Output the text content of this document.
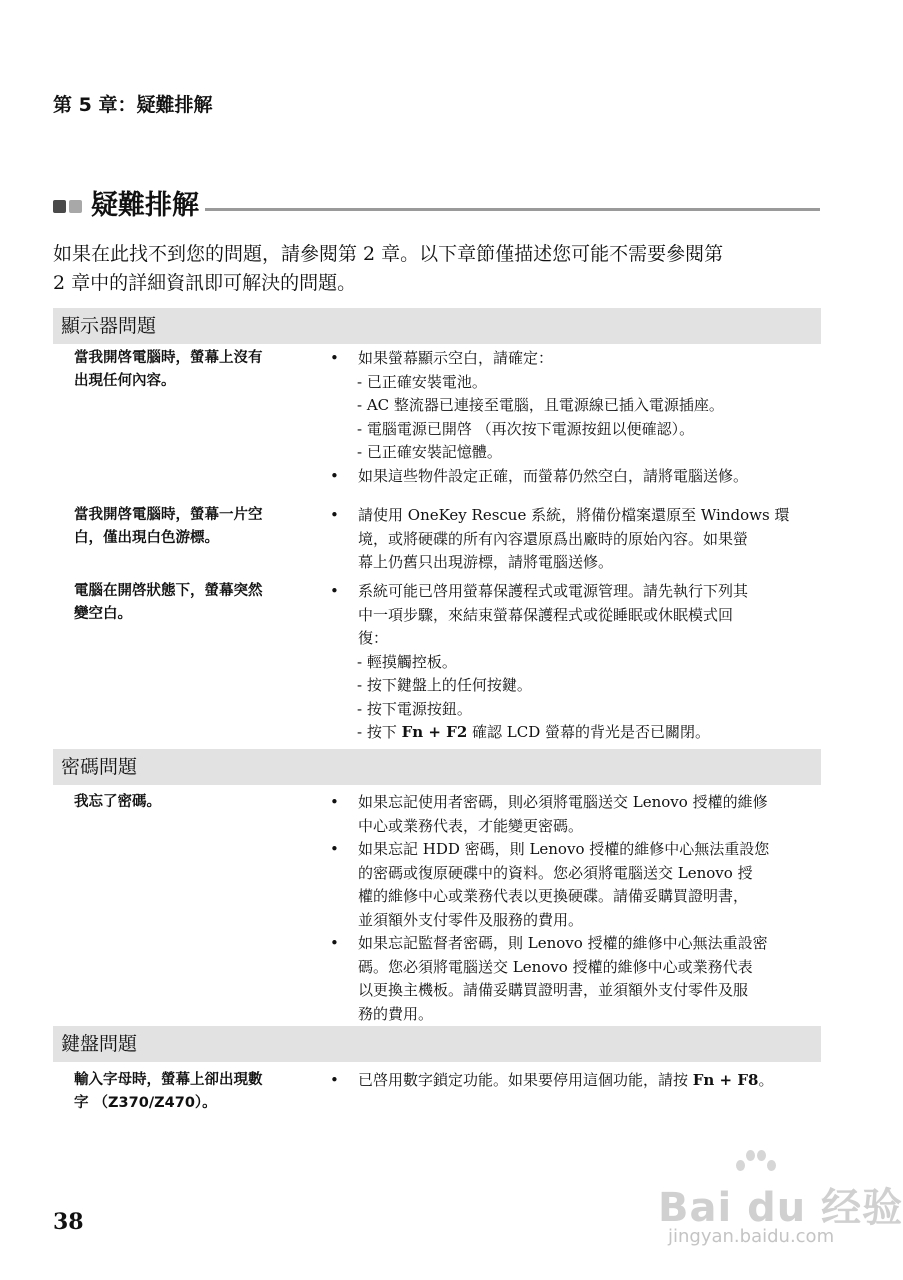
第 5 章：疑難排解
疑難排解

如果在此找不到您的問題，請參閱第 2 章。以下章節僅描述您可能不需要參閱第

2 章中的詳細資訊即可解決的問題。

顯示器問題
當我開啓電腦時，螢幕上沒有
出現任何內容。
• 如果螢幕顯示空白，請確定：
- 已正確安裝電池。
- AC 整流器已連接至電腦，且電源線已插入電源插座。
- 電腦電源已開啓 （再次按下電源按鈕以便確認）。
- 已正確安裝記憶體。
• 如果這些物件設定正確，而螢幕仍然空白，請將電腦送修。
當我開啓電腦時，螢幕一片空
白，僅出現白色游標。
• 請使用 OneKey Rescue 系統，將備份檔案還原至 Windows 環
境，或將硬碟的所有內容還原爲出廠時的原始內容。如果螢
幕上仍舊只出現游標，請將電腦送修。
電腦在開啓狀態下，螢幕突然
變空白。
• 系統可能已啓用螢幕保護程式或電源管理。請先執行下列其
中一項步驟，來結束螢幕保護程式或從睡眠或休眠模式回
復：
- 輕摸觸控板。
- 按下鍵盤上的任何按鍵。
- 按下電源按鈕。
- 按下 Fn + F2 確認 LCD 螢幕的背光是否已關閉。
密碼問題
我忘了密碼。	• 如果忘記使用者密碼，則必須將電腦送交 Lenovo 授權的維修
中心或業務代表，才能變更密碼。
• 如果忘記 HDD 密碼，則 Lenovo 授權的維修中心無法重設您
的密碼或復原硬碟中的資料。您必須將電腦送交 Lenovo 授
權的維修中心或業務代表以更換硬碟。請備妥購買證明書，
並須額外支付零件及服務的費用。
• 如果忘記監督者密碼，則 Lenovo 授權的維修中心無法重設密
碼。您必須將電腦送交 Lenovo 授權的維修中心或業務代表
以更換主機板。請備妥購買證明書，並須額外支付零件及服
務的費用。
鍵盤問題
輸入字母時，螢幕上卻出現數
字 （Z370/Z470）。
• 已啓用數字鎖定功能。如果要停用這個功能，請按 Fn + F8。
38	Bai du 经验
jingyan.baidu.com
